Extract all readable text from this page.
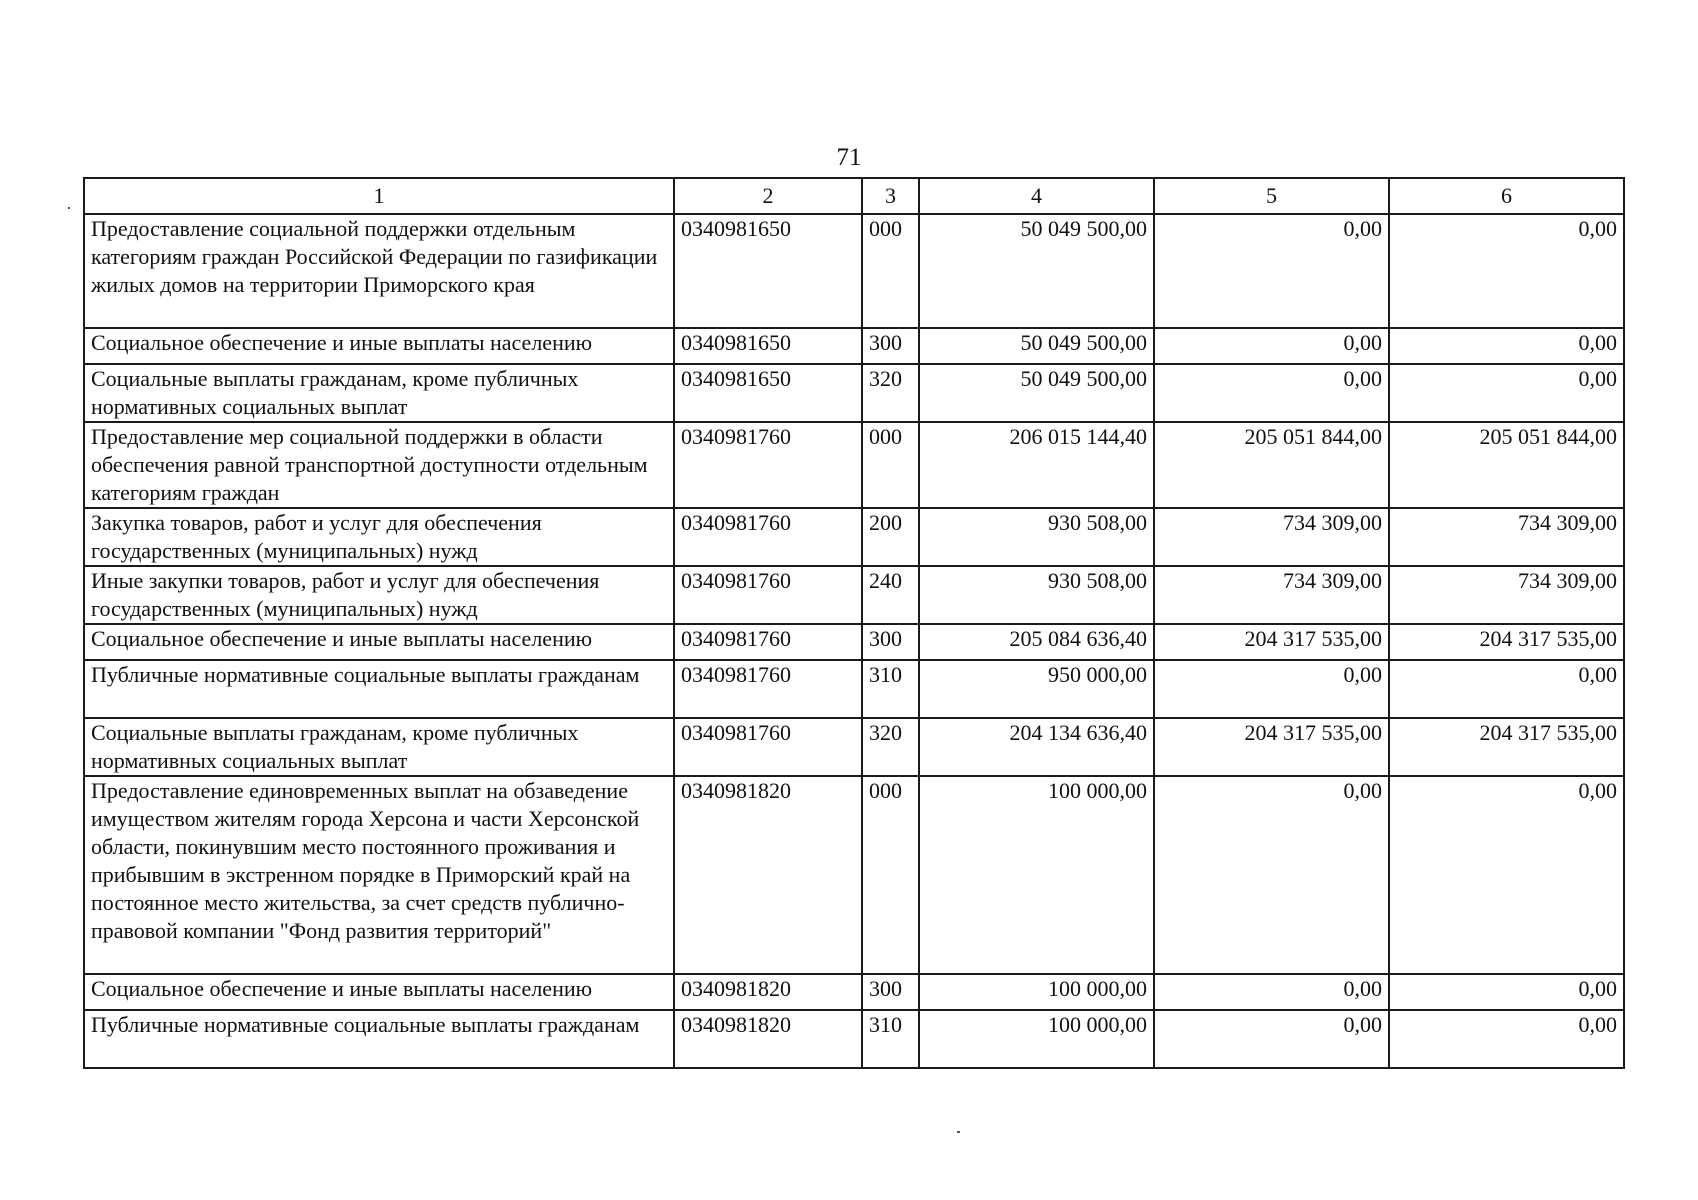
71
1	2	3	4	5	6
Предоставление социальной поддержки отдельным категориям граждан Российской Федерации по газификации жилых домов на территории Приморского края	0340981650	000	50 049 500,00	0,00	0,00
Социальное обеспечение и иные выплаты населению	0340981650	300	50 049 500,00	0,00	0,00
Социальные выплаты гражданам, кроме публичных нормативных социальных выплат	0340981650	320	50 049 500,00	0,00	0,00
Предоставление мер социальной поддержки в области обеспечения равной транспортной доступности отдельным категориям граждан	0340981760	000	206 015 144,40	205 051 844,00	205 051 844,00
Закупка товаров, работ и услуг для обеспечения государственных (муниципальных) нужд	0340981760	200	930 508,00	734 309,00	734 309,00
Иные закупки товаров, работ и услуг для обеспечения государственных (муниципальных) нужд	0340981760	240	930 508,00	734 309,00	734 309,00
Социальное обеспечение и иные выплаты населению	0340981760	300	205 084 636,40	204 317 535,00	204 317 535,00
Публичные нормативные социальные выплаты гражданам	0340981760	310	950 000,00	0,00	0,00
Социальные выплаты гражданам, кроме публичных нормативных социальных выплат	0340981760	320	204 134 636,40	204 317 535,00	204 317 535,00
Предоставление единовременных выплат на обзаведение имуществом жителям города Херсона и части Херсонской области, покинувшим место постоянного проживания и прибывшим в экстренном порядке в Приморский край на постоянное место жительства, за счет средств публично-правовой компании "Фонд развития территорий"	0340981820	000	100 000,00	0,00	0,00
Социальное обеспечение и иные выплаты населению	0340981820	300	100 000,00	0,00	0,00
Публичные нормативные социальные выплаты гражданам	0340981820	310	100 000,00	0,00	0,00
